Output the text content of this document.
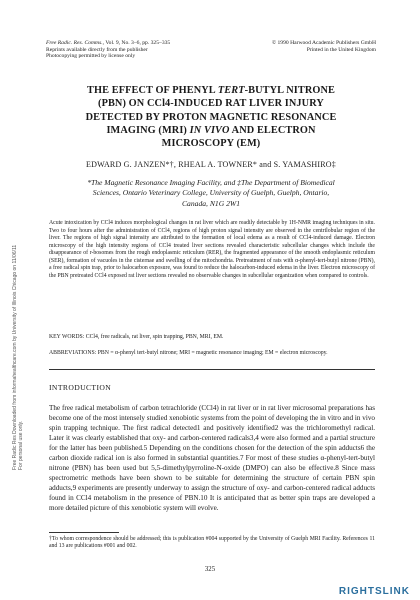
Free Radic. Res. Comms., Vol. 9, No. 3–6, pp. 325–335
Reprints available directly from the publisher
Photocopying permitted by license only
© 1990 Harwood Academic Publishers GmbH
Printed in the United Kingdom
THE EFFECT OF PHENYL TERT-BUTYL NITRONE
(PBN) ON CCl4-INDUCED RAT LIVER INJURY
DETECTED BY PROTON MAGNETIC RESONANCE
IMAGING (MRI) IN VIVO AND ELECTRON
MICROSCOPY (EM)
EDWARD G. JANZEN*†, RHEAL A. TOWNER* and S. YAMASHIRO‡
*The Magnetic Resonance Imaging Facility, and ‡The Department of Biomedical
Sciences, Ontario Veterinary College, University of Guelph, Guelph, Ontario,
Canada, N1G 2W1
Acute intoxication by CCl4 induces morphological changes in rat liver which are readily detectable by 1H-NMR imaging techniques in situ. Two to four hours after the administration of CCl4, regions of high proton signal intensity are observed in the centrilobular region of the liver. The regions of high signal intensity are attributed to the formation of local edema as a result of CCl4-induced damage. Electron microscopy of the high intensity regions of CCl4 treated liver sections revealed characteristic subcellular changes which include the disappearance of r-bosomes from the rough endoplasmic reticulum (RER), the fragmented appearance of the smooth endoplasmic reticulum (SER), formation of vacuoles in the cisternae and swelling of the mitochondria. Pretreatment of rats with α-phenyl-tert-butyl nitrone (PBN), a free radical spin trap, prior to halocarbon exposure, was found to reduce the halocarbon-induced edema in the liver. Electron microscopy of the PBN pretreated CCl4 exposed rat liver sections revealed no observable changes in subcellular organization when compared to controls.
KEY WORDS: CCl4, free radicals, rat liver, spin trapping, PBN, MRI, EM.
ABBREVIATIONS: PBN = α-phenyl tert-butyl nitrone; MRI = magnetic resonance imaging; EM = electron microscopy.
INTRODUCTION
The free radical metabolism of carbon tetrachloride (CCl4) in rat liver or in rat liver microsomal preparations has become one of the most intensely studied xenobiotic systems from the point of developing the in vitro and in vivo spin trapping technique. The first radical detected1 and positively identified2 was the trichloromethyl radical. Later it was clearly established that oxy- and carbon-centered radicals3,4 were also formed and a partial structure for the latter has been published.5 Depending on the conditions chosen for the detection of the spin adducts6 the carbon dioxide radical ion is also formed in substantial quantities.7 For most of these studies α-phenyl-tert-butyl nitrone (PBN) has been used but 5,5-dimethylpyrroline-N-oxide (DMPO) can also be effective.8 Since mass spectrometric methods have been shown to be suitable for determining the structure of certain PBN spin adducts,9 experiments are presently underway to assign the structure of oxy- and carbon-centered radical adducts found in CCl4 metabolism in the presence of PBN.10 It is anticipated that as better spin traps are developed a more detailed picture of this xenobiotic system will evolve.
†To whom correspondence should be addressed; this is publication #004 supported by the University of Guelph MRI Facility. References 11 and 13 are publications #001 and 002.
325
Free Radic Res Downloaded from informahealthcare.com by University of Illinois Chicago on 11/06/11 For personal use only.
RIGHTSLINK
